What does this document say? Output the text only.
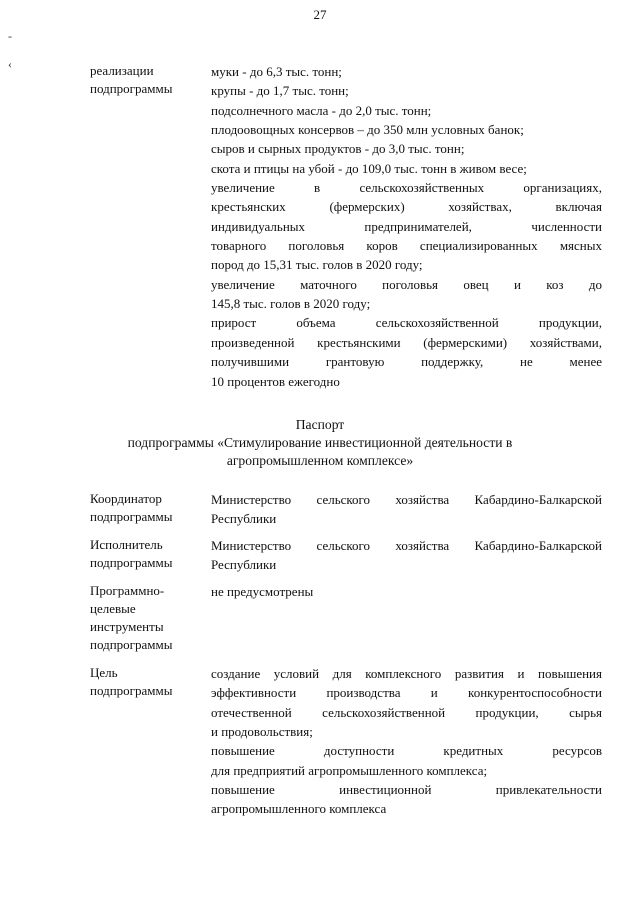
27
-
‹	реализации
подпрограммы
муки - до 6,3 тыс. тонн;
крупы - до 1,7 тыс. тонн;
подсолнечного масла - до 2,0 тыс. тонн;
плодоовощных консервов – до 350 млн условных банок;
сыров и сырных продуктов - до 3,0 тыс. тонн;
скота и птицы на убой - до 109,0 тыс. тонн в живом весе;
увеличение в сельскохозяйственных организациях,
крестьянских (фермерских) хозяйствах, включая
индивидуальных предпринимателей, численности
товарного поголовья коров специализированных мясных
пород до 15,31 тыс. голов в 2020 году;
увеличение маточного поголовья овец и коз до
145,8 тыс. голов в 2020 году;
прирост объема сельскохозяйственной продукции,
произведенной крестьянскими (фермерскими) хозяйствами,
получившими грантовую поддержку, не менее
10 процентов ежегодно
Паспорт
подпрограммы «Стимулирование инвестиционной деятельности в
агропромышленном комплексе»
Координатор
подпрограммы
Министерство сельского хозяйства Кабардино-Балкарской
Республики
Исполнитель
подпрограммы
Министерство сельского хозяйства Кабардино-Балкарской
Республики
Программно-
целевые
инструменты
подпрограммы
не предусмотрены
Цель
подпрограммы
создание условий для комплексного развития и повышения
эффективности производства и конкурентоспособности
отечественной сельскохозяйственной продукции, сырья
и продовольствия;
повышение доступности кредитных ресурсов
для предприятий агропромышленного комплекса;
повышение инвестиционной привлекательности
агропромышленного комплекса
